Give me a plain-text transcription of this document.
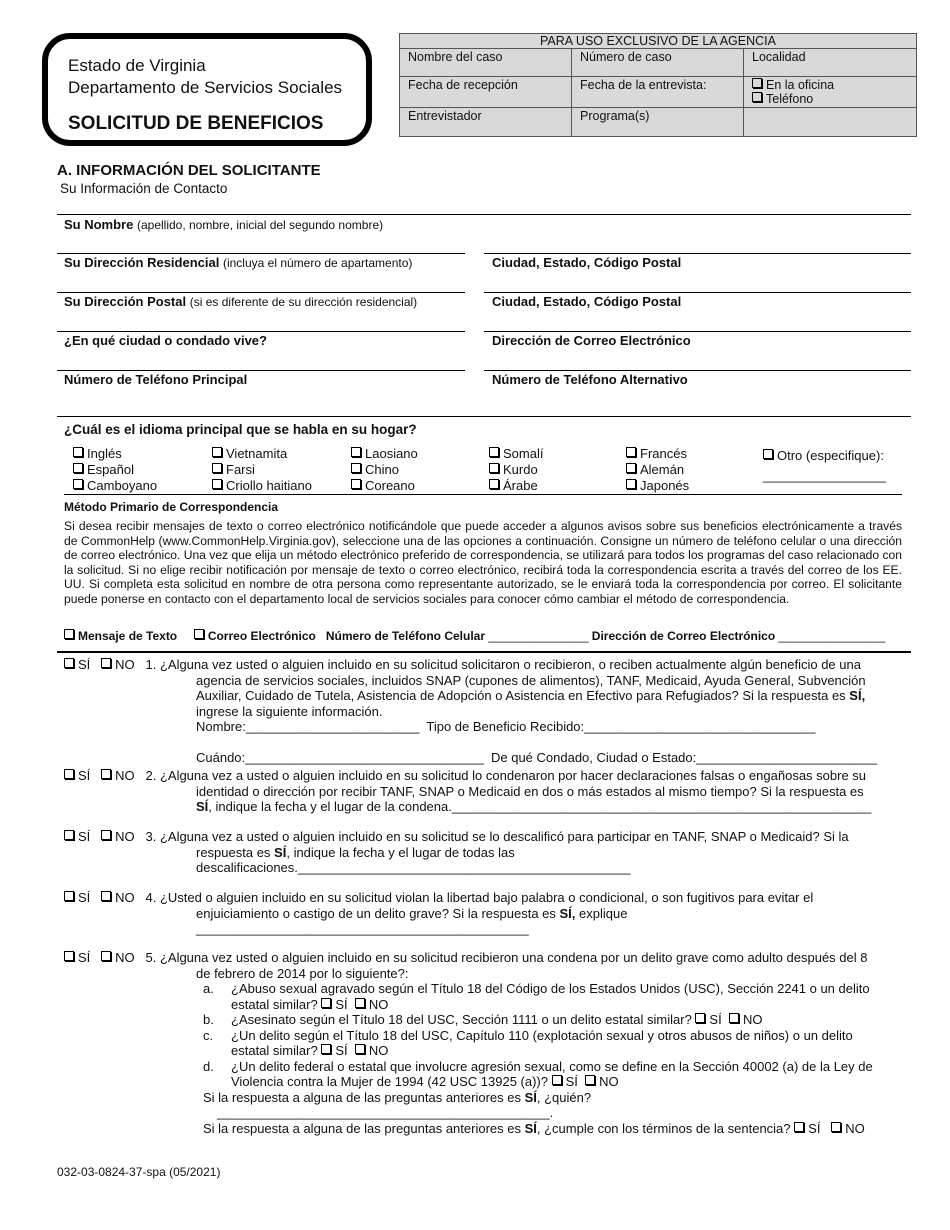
Estado de Virginia
Departamento de Servicios Sociales
SOLICITUD DE BENEFICIOS
PARA USO EXCLUSIVO DE LA AGENCIA		
Nombre del caso	Número de caso	Localidad
Fecha de recepción	Fecha de la entrevista:	En la oficina
Teléfono

Entrevistador	Programa(s)	
A. INFORMACIÓN DEL SOLICITANTE
Su Información de Contacto
Su Nombre (apellido, nombre, inicial del segundo nombre)
Su Dirección Residencial (incluya el número de apartamento)	Ciudad, Estado, Código Postal
Su Dirección Postal (si es diferente de su dirección residencial)	Ciudad, Estado, Código Postal
¿En qué ciudad o condado vive?	Dirección de Correo Electrónico
Número de Teléfono Principal	Número de Teléfono Alternativo
¿Cuál es el idioma principal que se habla en su hogar?
Inglés
Español
Camboyano
Vietnamita
Farsi
Criollo haitiano
Laosiano
Chino
Coreano
Somalí
Kurdo
Árabe
Francés
Alemán
Japonés
Otro (especifique):
_________________
Método Primario de Correspondencia
Si desea recibir mensajes de texto o correo electrónico notificándole que puede acceder a algunos avisos sobre sus beneficios electrónicamente a través de CommonHelp (www.CommonHelp.Virginia.gov), seleccione una de las opciones a continuación. Consigne un número de teléfono celular o una dirección de correo electrónico. Una vez que elija un método electrónico preferido de correspondencia, se utilizará para todos los programas del caso relacionado con la solicitud. Si no elige recibir notificación por mensaje de texto o correo electrónico, recibirá toda la correspondencia escrita a través del correo de los EE. UU. Si completa esta solicitud en nombre de otra persona como representante autorizado, se le enviará toda la correspondencia por correo. El solicitante puede ponerse en contacto con el departamento local de servicios sociales para conocer cómo cambiar el método de correspondencia.
Mensaje de Texto	Correo Electrónico Número de Teléfono Celular _______________ Dirección de Correo Electrónico ________________
SÍ NO 1. ¿Alguna vez usted o alguien incluido en su solicitud solicitaron o recibieron, o reciben actualmente algún beneficio de una
agencia de servicios sociales, incluidos SNAP (cupones de alimentos), TANF, Medicaid, Ayuda General, Subvención
Auxiliar, Cuidado de Tutela, Asistencia de Adopción o Asistencia en Efectivo para Refugiados? Si la respuesta es SÍ,
ingrese la siguiente información.
Nombre:________________________ Tipo de Beneficio Recibido:________________________________

Cuándo:_________________________________ De qué Condado, Ciudad o Estado:_________________________
SÍ NO 2. ¿Alguna vez a usted o alguien incluido en su solicitud lo condenaron por hacer declaraciones falsas o engañosas sobre su
identidad o dirección por recibir TANF, SNAP o Medicaid en dos o más estados al mismo tiempo? Si la respuesta es
SÍ, indique la fecha y el lugar de la condena.__________________________________________________________
SÍ NO 3. ¿Alguna vez a usted o alguien incluido en su solicitud se lo descalificó para participar en TANF, SNAP o Medicaid? Si la
respuesta es SÍ, indique la fecha y el lugar de todas las
descalificaciones.______________________________________________
SÍ NO 4. ¿Usted o alguien incluido en su solicitud violan la libertad bajo palabra o condicional, o son fugitivos para evitar el
enjuiciamiento o castigo de un delito grave? Si la respuesta es SÍ, explique
______________________________________________
SÍ NO 5. ¿Alguna vez usted o alguien incluido en su solicitud recibieron una condena por un delito grave como adulto después del 8
de febrero de 2014 por lo siguiente?:
a. ¿Abuso sexual agravado según el Título 18 del Código de los Estados Unidos (USC), Sección 2241 o un delito
estatal similar? SÍ NO
b. ¿Asesinato según el Título 18 del USC, Sección 1111 o un delito estatal similar? SÍ NO
c. ¿Un delito según el Título 18 del USC, Capítulo 110 (explotación sexual y otros abusos de niños) o un delito
estatal similar? SÍ NO
d. ¿Un delito federal o estatal que involucre agresión sexual, como se define en la Sección 40002 (a) de la Ley de
Violencia contra la Mujer de 1994 (42 USC 13925 (a))? SÍ NO
Si la respuesta a alguna de las preguntas anteriores es SÍ, ¿quién?
______________________________________________.
Si la respuesta a alguna de las preguntas anteriores es SÍ, ¿cumple con los términos de la sentencia? SÍ NO
032-03-0824-37-spa (05/2021)
